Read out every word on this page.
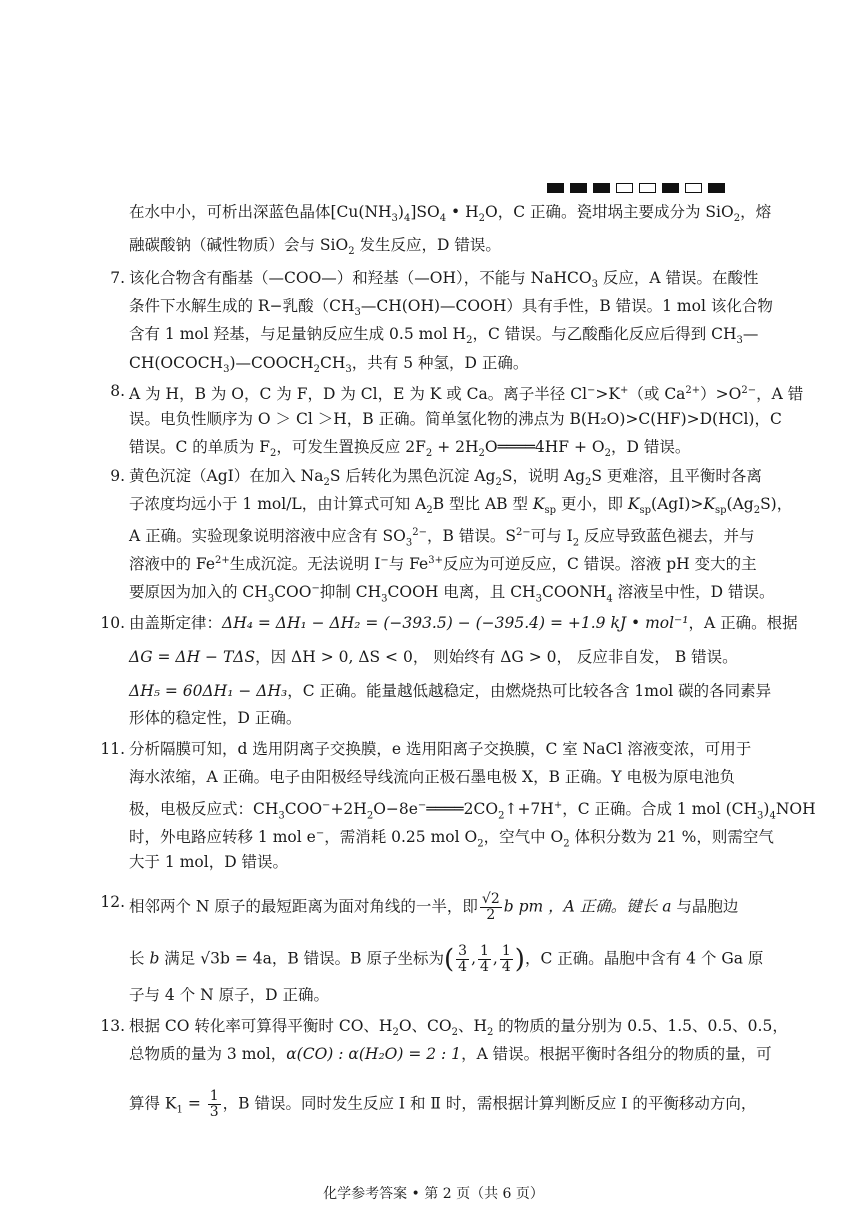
在水中小，可析出深蓝色晶体$[Cu(NH_3)_4]SO_4$ • $H_2O$，C 正确。瓷坩埚主要成分为 SiO$_2$，熔
融碳酸钠（碱性物质）会与 SiO$_2$ 发生反应，D 错误。
7. 该化合物含有酯基（—COO—）和羟基（—OH），不能与 NaHCO$_3$ 反应，A 错误。在酸性
条件下水解生成的 R−乳酸$(CH_3—CH(OH)—COOH)$具有手性，B 错误。1 mol 该化合物
含有 1 mol 羟基，与足量钠反应生成 0.5 mol $H_2$，C 错误。与乙酸酯化反应后得到 $CH_3—$
$CH(OCOCH_3)—COOCH_2CH_3$，共有 5 种氢，D 正确。
8. A 为 H，B 为 O，C 为 F，D 为 Cl，E 为 K 或 Ca。离子半径 Cl−>K+（或 $Ca^{2+})>O^{2-}$，A 错
误。电负性顺序为 O ＞ Cl ＞H，B 正确。简单氢化物的沸点为 B(H₂O)>C(HF)>D(HCl)，C
错误。C 的单质为 $F_2$，可发生置换反应 $2F_2$ + $2H_2O════4HF + O_2$，D 错误。
9. 黄色沉淀（AgI）在加入 $Na_2S$ 后转化为黑色沉淀 $Ag_2S$，说明 $Ag_2S$ 更难溶，且平衡时各离
子浓度均远小于 1 mol/L，由计算式可知 $A_2B$ 型比 AB 型 $K_{sp}$ 更小，即 $K_{sp}(AgI)>K_{sp}(Ag_2S)$，
A 正确。实验现象说明溶液中应含有 $SO_3^{2-}$，B 错误。$S^{2-}$可与 $I_2$ 反应导致蓝色褪去，并与
溶液中的 $Fe^{2+}$生成沉淀。无法说明 I−与 $Fe^{3+}$反应为可逆反应，C 错误。溶液 pH 变大的主
要原因为加入的 $CH_3COO^-$抑制 $CH_3COOH$ 电离，且 $CH_3COONH_4$ 溶液呈中性，D 错误。
10. 由盖斯定律：ΔH₄ = ΔH₁ − ΔH₂ = (−393.5) − (−395.4) = +1.9 kJ • mol⁻¹，A 正确。根据
ΔG = ΔH − TΔS，因 ΔH > 0, ΔS < 0， 则始终有 ΔG > 0， 反应非自发， B 错误。
ΔH₅ = 60ΔH₁ − ΔH₃，C 正确。能量越低越稳定，由燃烧热可比较各含 1mol 碳的各同素异
形体的稳定性，D 正确。
11. 分析隔膜可知，d 选用阴离子交换膜，e 选用阳离子交换膜，C 室 NaCl 溶液变浓，可用于
海水浓缩，A 正确。电子由阳极经导线流向正极石墨电极 X，B 正确。Y 电极为原电池负
极，电极反应式：$CH_3COO^-+2H_2O-8e^-════2CO_2↑+7H^+$，C 正确。合成 1 mol $(CH_3)_4NOH$
时，外电路应转移 1 mol e−，需消耗 0.25 mol $O_2$，空气中 $O_2$ 体积分数为 21 %，则需空气
大于 1 mol，D 错误。
12. 相邻两个 N 原子的最短距离为面对角线的一半，即 $\frac{√2}{2}$ b pm ，A 正确。键长 a 与晶胞边
长 b 满足 √3b = 4a，B 错误。B 原子坐标为( $\frac{3}{4}$ , $\frac{1}{4}$ , $\frac{1}{4}$ )，C 正确。晶胞中含有 4 个 Ga 原
子与 4 个 N 原子，D 正确。
13. 根据 CO 转化率可算得平衡时 CO、$H_2O$、$CO_2$、$H_2$ 的物质的量分别为 0.5、1.5、0.5、0.5，
总物质的量为 3 mol，α(CO) : α(H₂O) = 2 : 1，A 错误。根据平衡时各组分的物质的量，可
算得 $K_1 = \frac{1}{3}$ ，B 错误。同时发生反应 Ⅰ 和 Ⅱ 时，需根据计算判断反应 Ⅰ 的平衡移动方向，
化学参考答案 • 第 2 页（共 6 页）
